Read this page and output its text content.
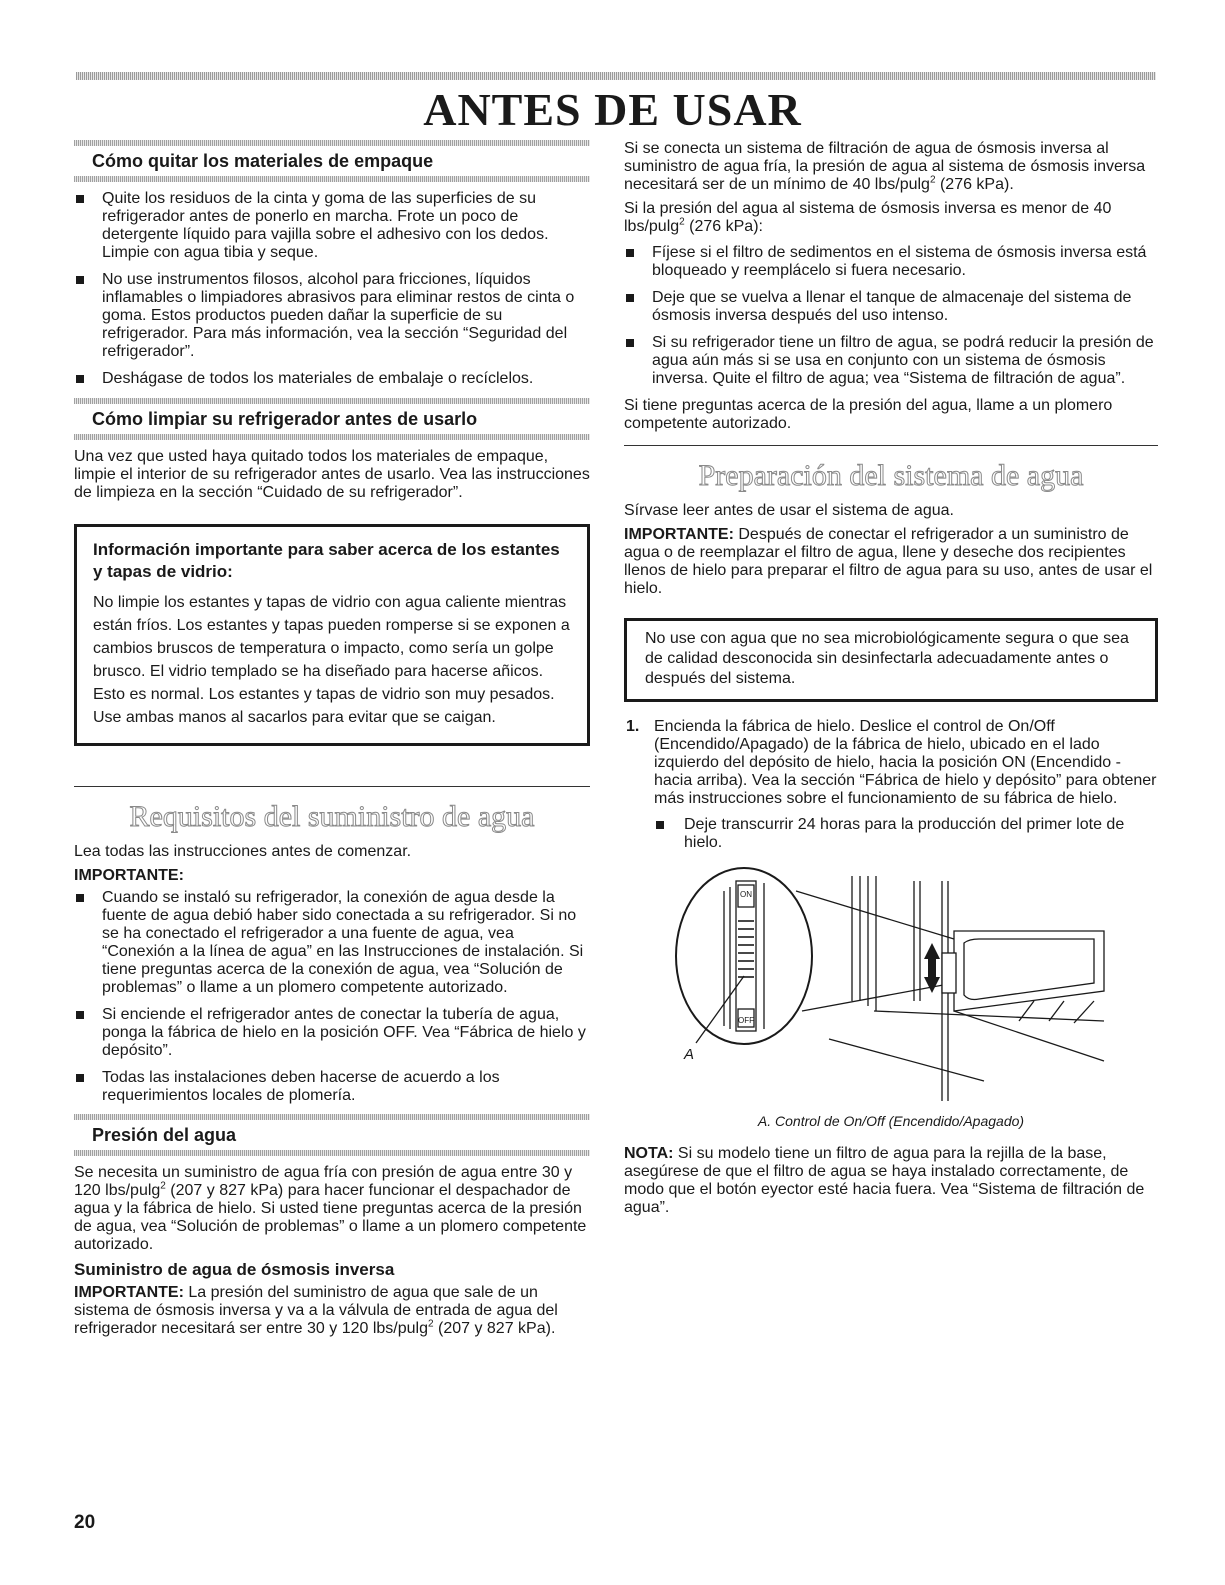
ANTES DE USAR
Cómo quitar los materiales de empaque
Quite los residuos de la cinta y goma de las superficies de su refrigerador antes de ponerlo en marcha. Frote un poco de detergente líquido para vajilla sobre el adhesivo con los dedos. Limpie con agua tibia y seque.
No use instrumentos filosos, alcohol para fricciones, líquidos inflamables o limpiadores abrasivos para eliminar restos de cinta o goma. Estos productos pueden dañar la superficie de su refrigerador. Para más información, vea la sección “Seguridad del refrigerador”.
Deshágase de todos los materiales de embalaje o recíclelos.
Cómo limpiar su refrigerador antes de usarlo

Una vez que usted haya quitado todos los materiales de empaque, limpie el interior de su refrigerador antes de usarlo. Vea las instrucciones de limpieza en la sección “Cuidado de su refrigerador”.

Información importante para saber acerca de los estantes y tapas de vidrio:

No limpie los estantes y tapas de vidrio con agua caliente mientras están fríos. Los estantes y tapas pueden romperse si se exponen a cambios bruscos de temperatura o impacto, como sería un golpe brusco. El vidrio templado se ha diseñado para hacerse añicos. Esto es normal. Los estantes y tapas de vidrio son muy pesados. Use ambas manos al sacarlos para evitar que se caigan.

Requisitos del suministro de agua

Lea todas las instrucciones antes de comenzar.

IMPORTANTE:

Cuando se instaló su refrigerador, la conexión de agua desde la fuente de agua debió haber sido conectada a su refrigerador. Si no se ha conectado el refrigerador a una fuente de agua, vea “Conexión a la línea de agua” en las Instrucciones de instalación. Si tiene preguntas acerca de la conexión de agua, vea “Solución de problemas” o llame a un plomero competente autorizado.
Si enciende el refrigerador antes de conectar la tubería de agua, ponga la fábrica de hielo en la posición OFF. Vea “Fábrica de hielo y depósito”.
Todas las instalaciones deben hacerse de acuerdo a los requerimientos locales de plomería.
Presión del agua

Se necesita un suministro de agua fría con presión de agua entre 30 y 120 lbs/pulg$^2$ (207 y 827 kPa) para hacer funcionar el despachador de agua y la fábrica de hielo. Si usted tiene preguntas acerca de la presión de agua, vea “Solución de problemas” o llame a un plomero competente autorizado.

Suministro de agua de ósmosis inversa

IMPORTANTE: La presión del suministro de agua que sale de un sistema de ósmosis inversa y va a la válvula de entrada de agua del refrigerador necesitará ser entre 30 y 120 lbs/pulg$^2$ (207 y 827 kPa).

Si se conecta un sistema de filtración de agua de ósmosis inversa al suministro de agua fría, la presión de agua al sistema de ósmosis inversa necesitará ser de un mínimo de 40 lbs/pulg$^2$ (276 kPa).

Si la presión del agua al sistema de ósmosis inversa es menor de 40 lbs/pulg$^2$ (276 kPa):

Fíjese si el filtro de sedimentos en el sistema de ósmosis inversa está bloqueado y reemplácelo si fuera necesario.
Deje que se vuelva a llenar el tanque de almacenaje del sistema de ósmosis inversa después del uso intenso.
Si su refrigerador tiene un filtro de agua, se podrá reducir la presión de agua aún más si se usa en conjunto con un sistema de ósmosis inversa. Quite el filtro de agua; vea “Sistema de filtración de agua”.

Si tiene preguntas acerca de la presión del agua, llame a un plomero competente autorizado.

Preparación del sistema de agua

Sírvase leer antes de usar el sistema de agua.

IMPORTANTE: Después de conectar el refrigerador a un suministro de agua o de reemplazar el filtro de agua, llene y deseche dos recipientes llenos de hielo para preparar el filtro de agua para su uso, antes de usar el hielo.

No use con agua que no sea microbiológicamente segura o que sea de calidad desconocida sin desinfectarla adecuadamente antes o después del sistema.

1. Encienda la fábrica de hielo. Deslice el control de On/Off (Encendido/Apagado) de la fábrica de hielo, ubicado en el lado izquierdo del depósito de hielo, hacia la posición ON (Encendido - hacia arriba). Vea la sección “Fábrica de hielo y depósito” para obtener más instrucciones sobre el funcionamiento de su fábrica de hielo.
Deje transcurrir 24 horas para la producción del primer lote de hielo.
ON
OFF
A
A. Control de On/Off (Encendido/Apagado)

NOTA: Si su modelo tiene un filtro de agua para la rejilla de la base, asegúrese de que el filtro de agua se haya instalado correctamente, de modo que el botón eyector esté hacia fuera. Vea “Sistema de filtración de agua”.

20
